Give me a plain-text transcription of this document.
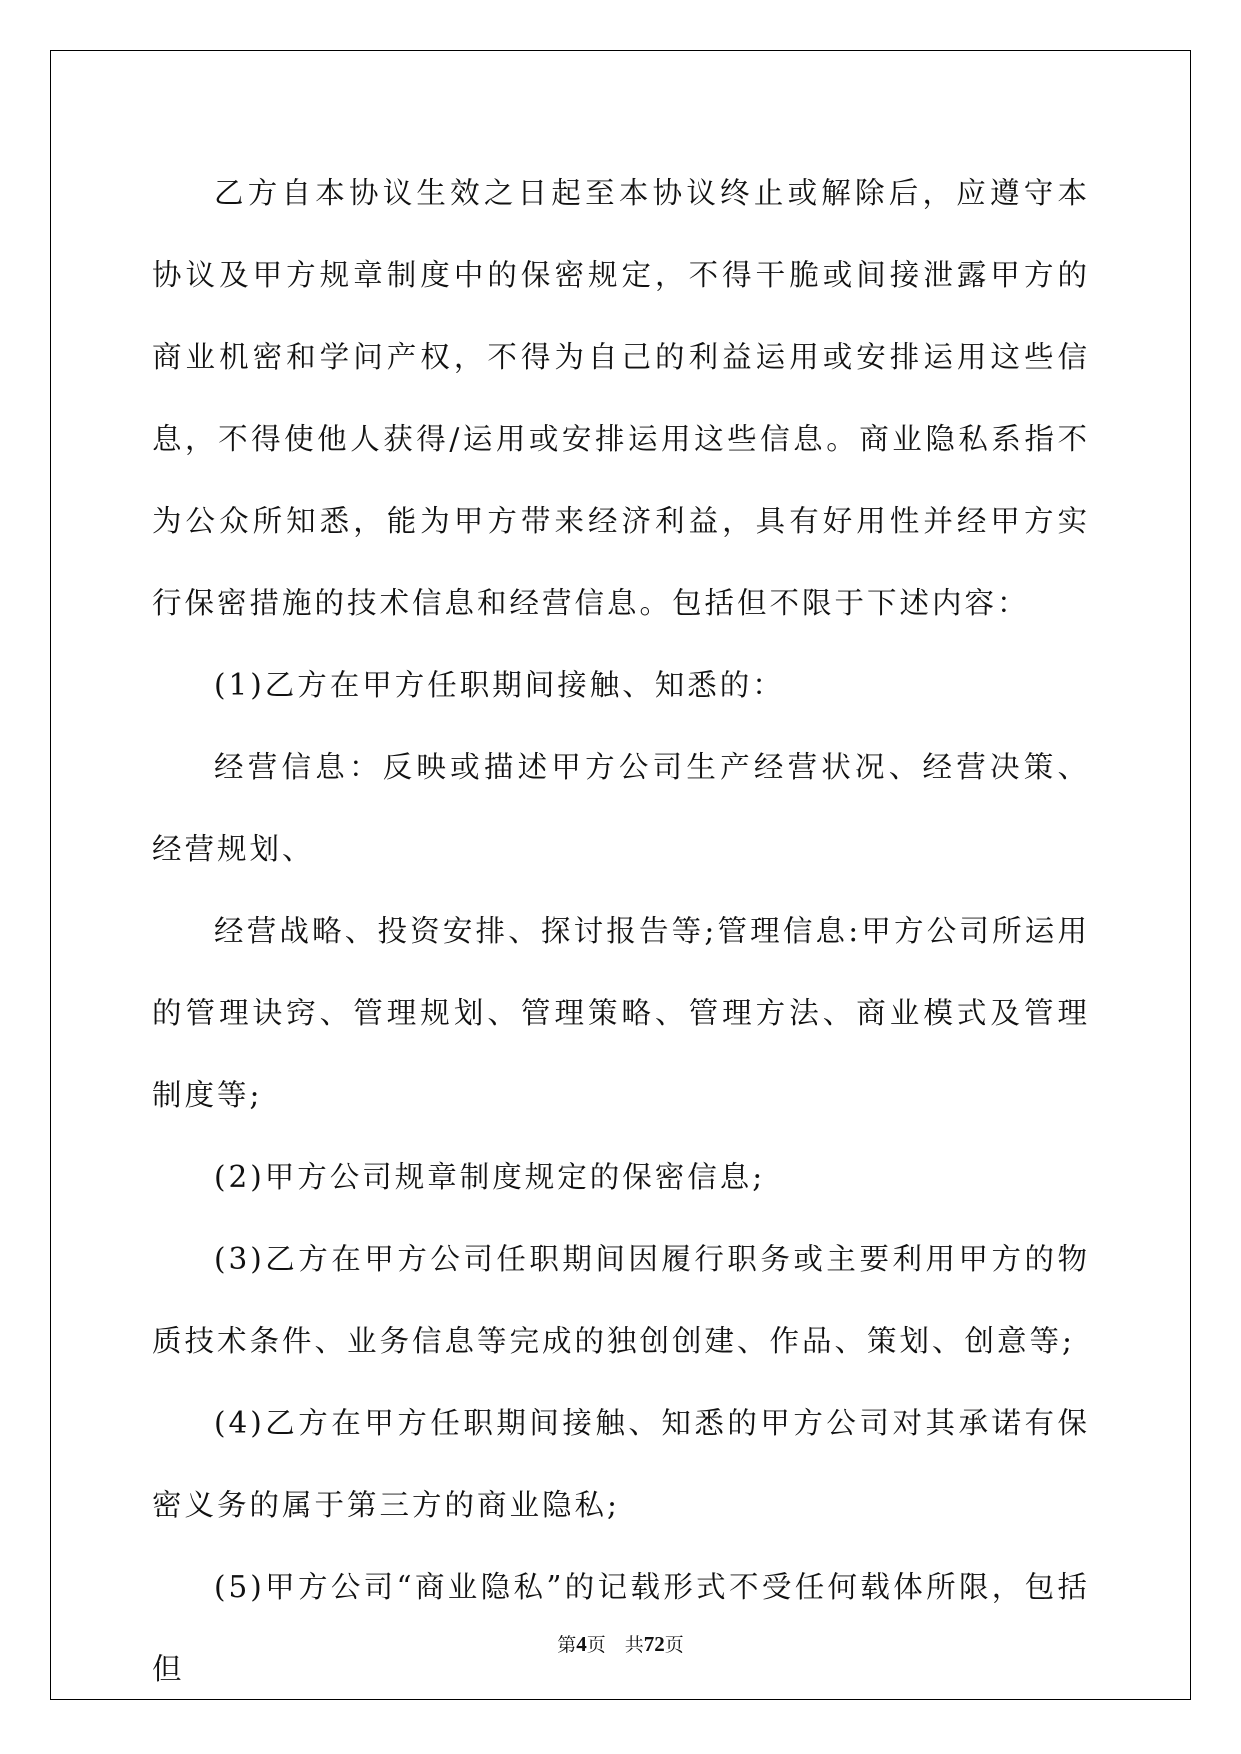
乙方自本协议生效之日起至本协议终止或解除后，应遵守本协议及甲方规章制度中的保密规定，不得干脆或间接泄露甲方的商业机密和学问产权，不得为自己的利益运用或安排运用这些信息，不得使他人获得/运用或安排运用这些信息。商业隐私系指不为公众所知悉，能为甲方带来经济利益，具有好用性并经甲方实行保密措施的技术信息和经营信息。包括但不限于下述内容：

(1)乙方在甲方任职期间接触、知悉的：

经营信息：反映或描述甲方公司生产经营状况、经营决策、经营规划、

经营战略、投资安排、探讨报告等;管理信息:甲方公司所运用的管理诀窍、管理规划、管理策略、管理方法、商业模式及管理制度等;

(2)甲方公司规章制度规定的保密信息;

(3)乙方在甲方公司任职期间因履行职务或主要利用甲方的物质技术条件、业务信息等完成的独创创建、作品、策划、创意等;

(4)乙方在甲方任职期间接触、知悉的甲方公司对其承诺有保密义务的属于第三方的商业隐私;

(5)甲方公司“商业隐私”的记载形式不受任何载体所限，包括但

第4页　共72页
